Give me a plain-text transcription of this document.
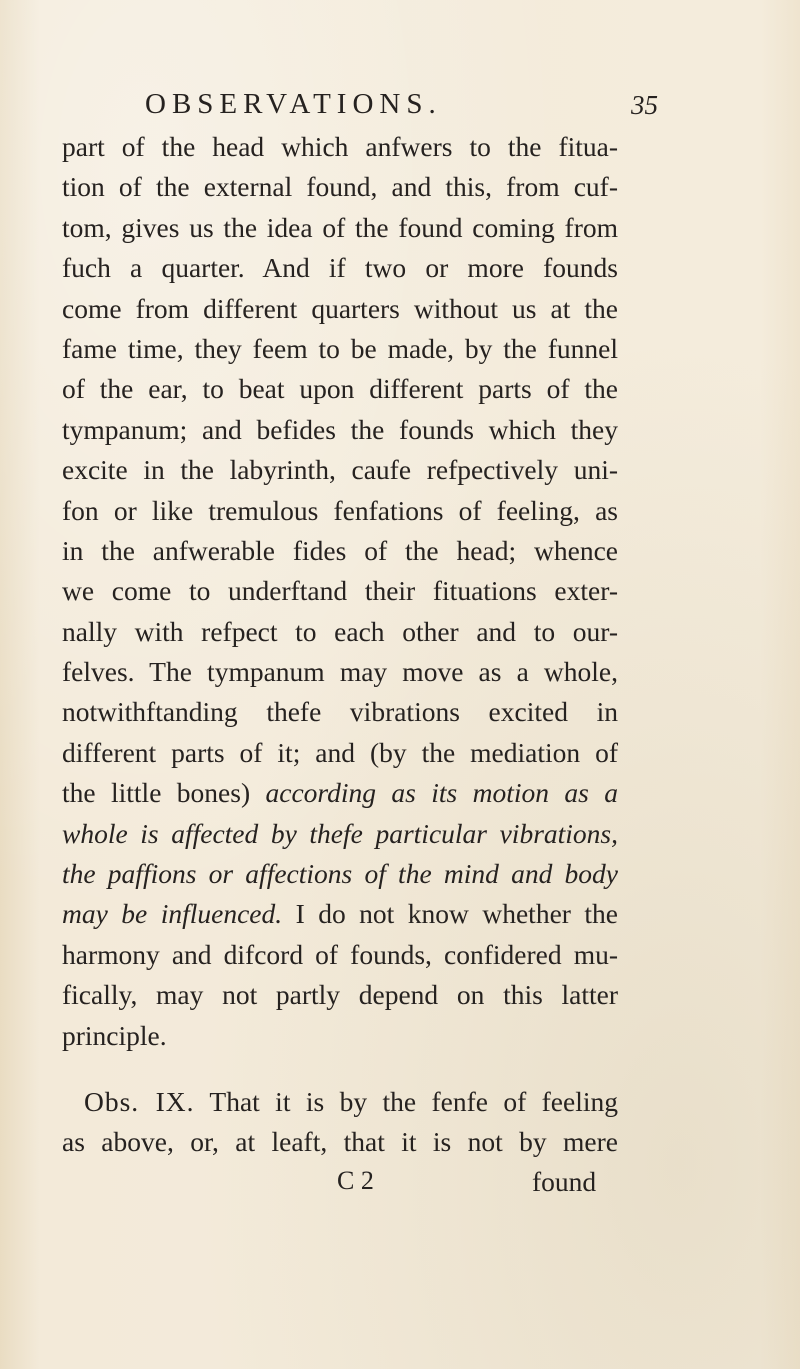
OBSERVATIONS.	35
part of the head which anfwers to the fitua-
tion of the external found, and this, from cuf-
tom, gives us the idea of the found coming from
fuch a quarter. And if two or more founds
come from different quarters without us at the
fame time, they feem to be made, by the funnel
of the ear, to beat upon different parts of the
tympanum; and befides the founds which they
excite in the labyrinth, caufe refpectively uni-
fon or like tremulous fenfations of feeling, as
in the anfwerable fides of the head; whence
we come to underftand their fituations exter-
nally with refpect to each other and to our-
felves. The tympanum may move as a whole,
notwithftanding thefe vibrations excited in
different parts of it; and (by the mediation of
the little bones) according as its motion as a
whole is affected by thefe particular vibrations,
the paffions or affections of the mind and body
may be influenced. I do not know whether the
harmony and difcord of founds, confidered mu-
fically, may not partly depend on this latter
principle.
Obs. IX. That it is by the fenfe of feeling
as above, or, at leaft, that it is not by mere
C 2	found
